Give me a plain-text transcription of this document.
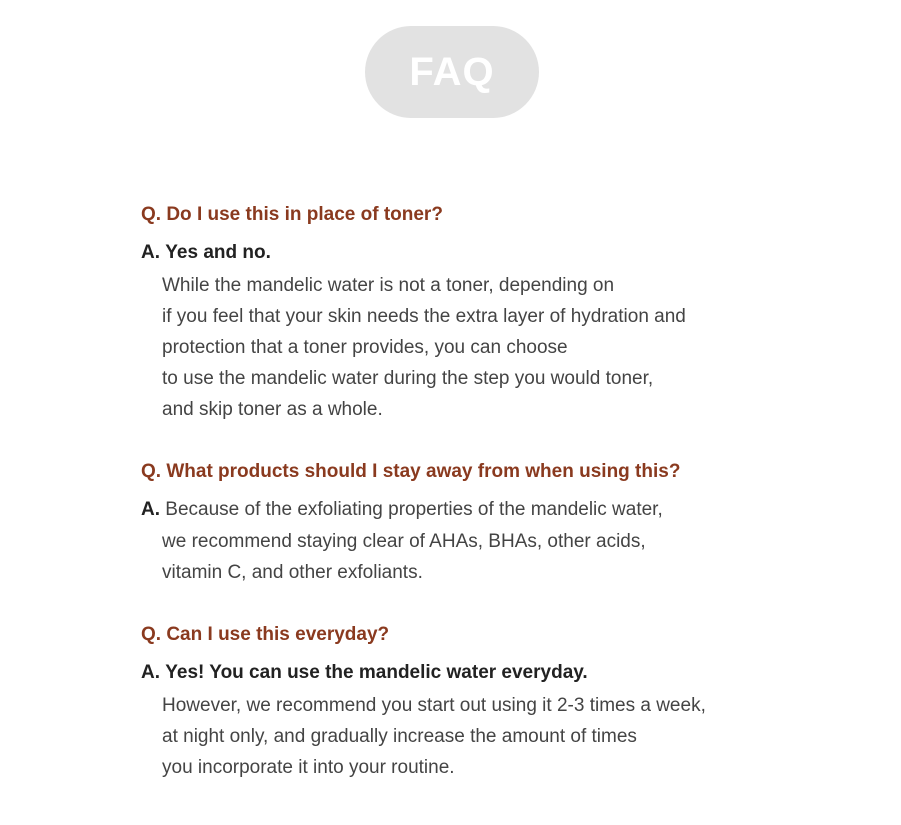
FAQ

Q. Do I use this in place of toner?

A. Yes and no.
While the mandelic water is not a toner, depending on
if you feel that your skin needs the extra layer of hydration and
protection that a toner provides, you can choose
to use the mandelic water during the step you would toner,
and skip toner as a whole.

Q. What products should I stay away from when using this?

A. Because of the exfoliating properties of the mandelic water,
we recommend staying clear of AHAs, BHAs, other acids,
vitamin C, and other exfoliants.

Q. Can I use this everyday?

A. Yes! You can use the mandelic water everyday.
However, we recommend you start out using it 2-3 times a week,
at night only, and gradually increase the amount of times
you incorporate it into your routine.
